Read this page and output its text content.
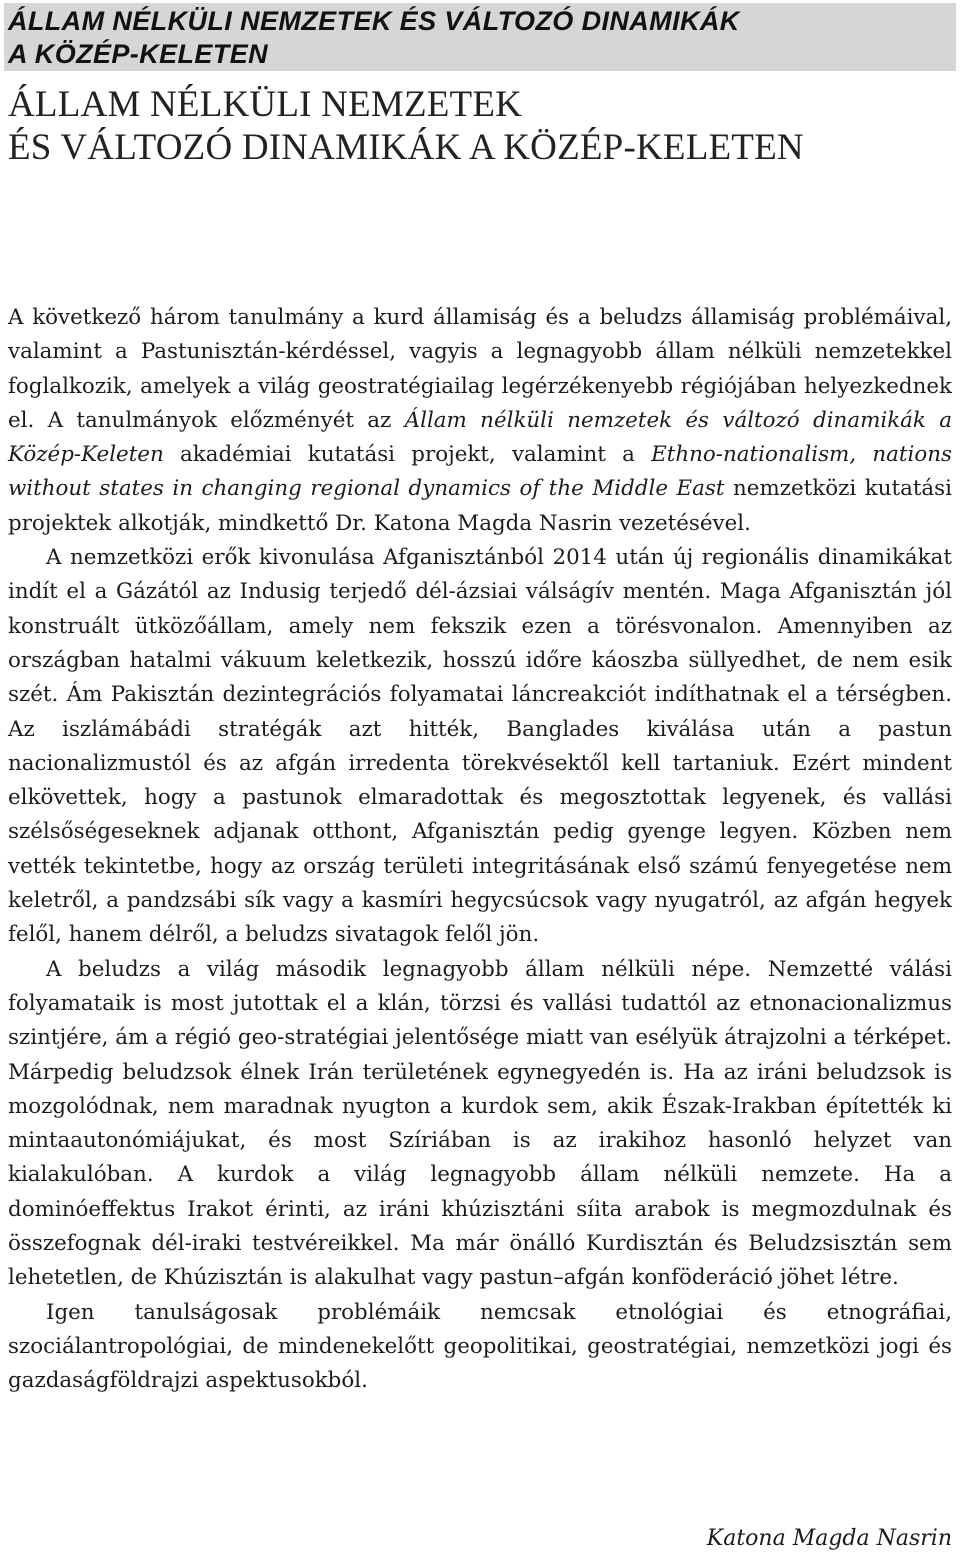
ÁLLAM NÉLKÜLI NEMZETEK ÉS VÁLTOZÓ DINAMIKÁK
A KÖZÉP-KELETEN
ÁLLAM NÉLKÜLI NEMZETEK
ÉS VÁLTOZÓ DINAMIKÁK A KÖZÉP-KELETEN

A következő három tanulmány a kurd államiság és a beludzs államiság problémáival, valamint a Pastunisztán-kérdéssel, vagyis a legnagyobb állam nélküli nemzetekkel foglalkozik, amelyek a világ geostratégiailag legérzékenyebb régiójában helyezkednek el. A tanulmányok előzményét az Állam nélküli nemzetek és változó dinamikák a Közép-Keleten akadémiai kutatási projekt, valamint a Ethno-nationalism, nations without states in changing regional dynamics of the Middle East nemzetközi kutatási projektek alkotják, mindkettő Dr. Katona Magda Nasrin vezetésével.

A nemzetközi erők kivonulása Afganisztánból 2014 után új regionális dinamikákat indít el a Gázától az Indusig terjedő dél-ázsiai válságív mentén. Maga Afganisztán jól konstruált ütközőállam, amely nem fekszik ezen a törésvonalon. Amennyiben az országban hatalmi vákuum keletkezik, hosszú időre káoszba süllyedhet, de nem esik szét. Ám Pakisztán dezintegrációs folyamatai láncreakciót indíthatnak el a térségben. Az iszlámábádi stratégák azt hitték, Banglades kiválása után a pastun nacionalizmustól és az afgán irredenta törekvésektől kell tartaniuk. Ezért mindent elkövettek, hogy a pastunok elmaradottak és megosztottak legyenek, és vallási szélsőségeseknek adjanak otthont, Afganisztán pedig gyenge legyen. Közben nem vették tekintetbe, hogy az ország területi integritásának első számú fenyegetése nem keletről, a pandzsábi sík vagy a kasmíri hegycsúcsok vagy nyugatról, az afgán hegyek felől, hanem délről, a beludzs sivatagok felől jön.

A beludzs a világ második legnagyobb állam nélküli népe. Nemzetté válási folyamataik is most jutottak el a klán, törzsi és vallási tudattól az etnonacionalizmus szintjére, ám a régió geo-stratégiai jelentősége miatt van esélyük átrajzolni a térképet. Márpedig beludzsok élnek Irán területének egynegyedén is. Ha az iráni beludzsok is mozgolódnak, nem maradnak nyugton a kurdok sem, akik Észak-Irakban építették ki mintaautonómiájukat, és most Szíriában is az irakihoz hasonló helyzet van kialakulóban. A kurdok a világ legnagyobb állam nélküli nemzete. Ha a dominóeffektus Irakot érinti, az iráni khúzisztáni síita arabok is megmozdulnak és összefognak dél-iraki testvéreikkel. Ma már önálló Kurdisztán és Beludzsisztán sem lehetetlen, de Khúzisztán is alakulhat vagy pastun–afgán konföderáció jöhet létre.

Igen tanulságosak problémáik nemcsak etnológiai és etnográfiai, szociálantropológiai, de mindenekelőtt geopolitikai, geostratégiai, nemzetközi jogi és gazdaságföldrajzi aspektusokból.

Katona Magda Nasrin
